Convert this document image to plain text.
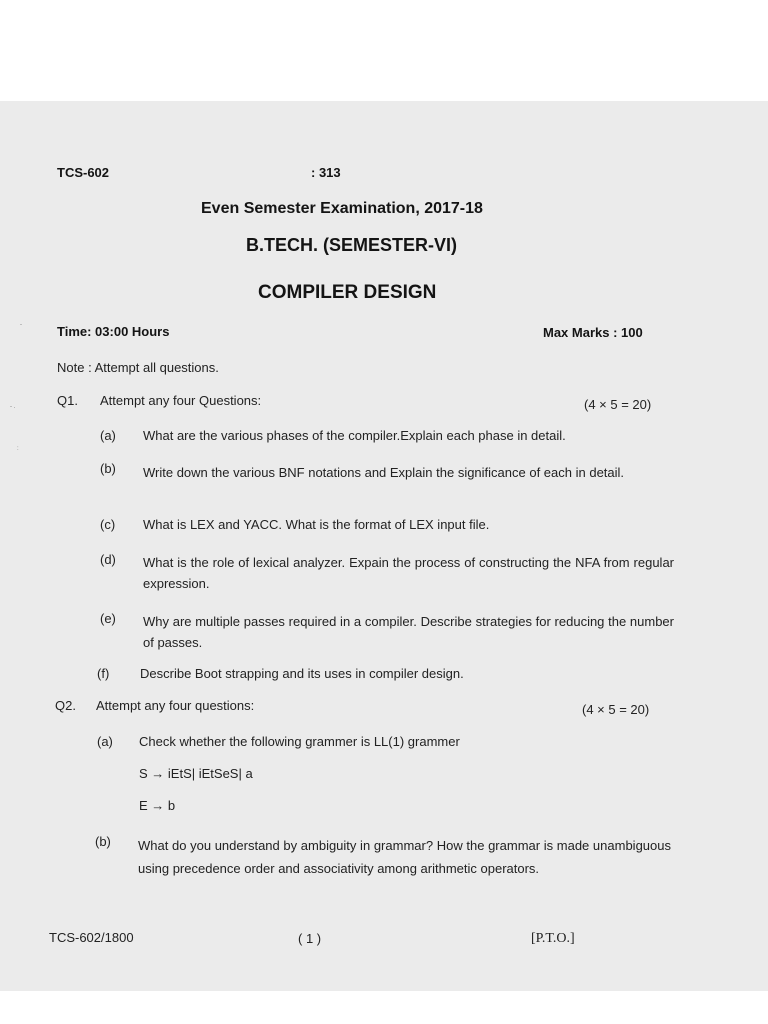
-
- .
:
TCS-602	: 313
Even Semester Examination, 2017-18
B.TECH. (SEMESTER-VI)
COMPILER DESIGN
Time: 03:00 Hours	Max Marks : 100
Note : Attempt all questions.
Q1. Attempt any four Questions:	(4 × 5 = 20)
(a) What are the various phases of the compiler.Explain each phase in detail.
(b) Write down the various BNF notations and Explain the significance of each in detail.
(c) What is LEX and YACC. What is the format of LEX input file.
(d) What is the role of lexical analyzer. Expain the process of constructing the NFA from regular expression.
(e) Why are multiple passes required in a compiler. Describe strategies for reducing the number of passes.
(f) Describe Boot strapping and its uses in compiler design.
Q2. Attempt any four questions:	(4 × 5 = 20)
(a) Check whether the following grammer is LL(1) grammer
S → iEtS| iEtSeS| a
E → b
(b) What do you understand by ambiguity in grammar? How the grammar is made unambiguous using precedence order and associativity among arithmetic operators.
TCS-602/1800	( 1 )	[P.T.O.]
